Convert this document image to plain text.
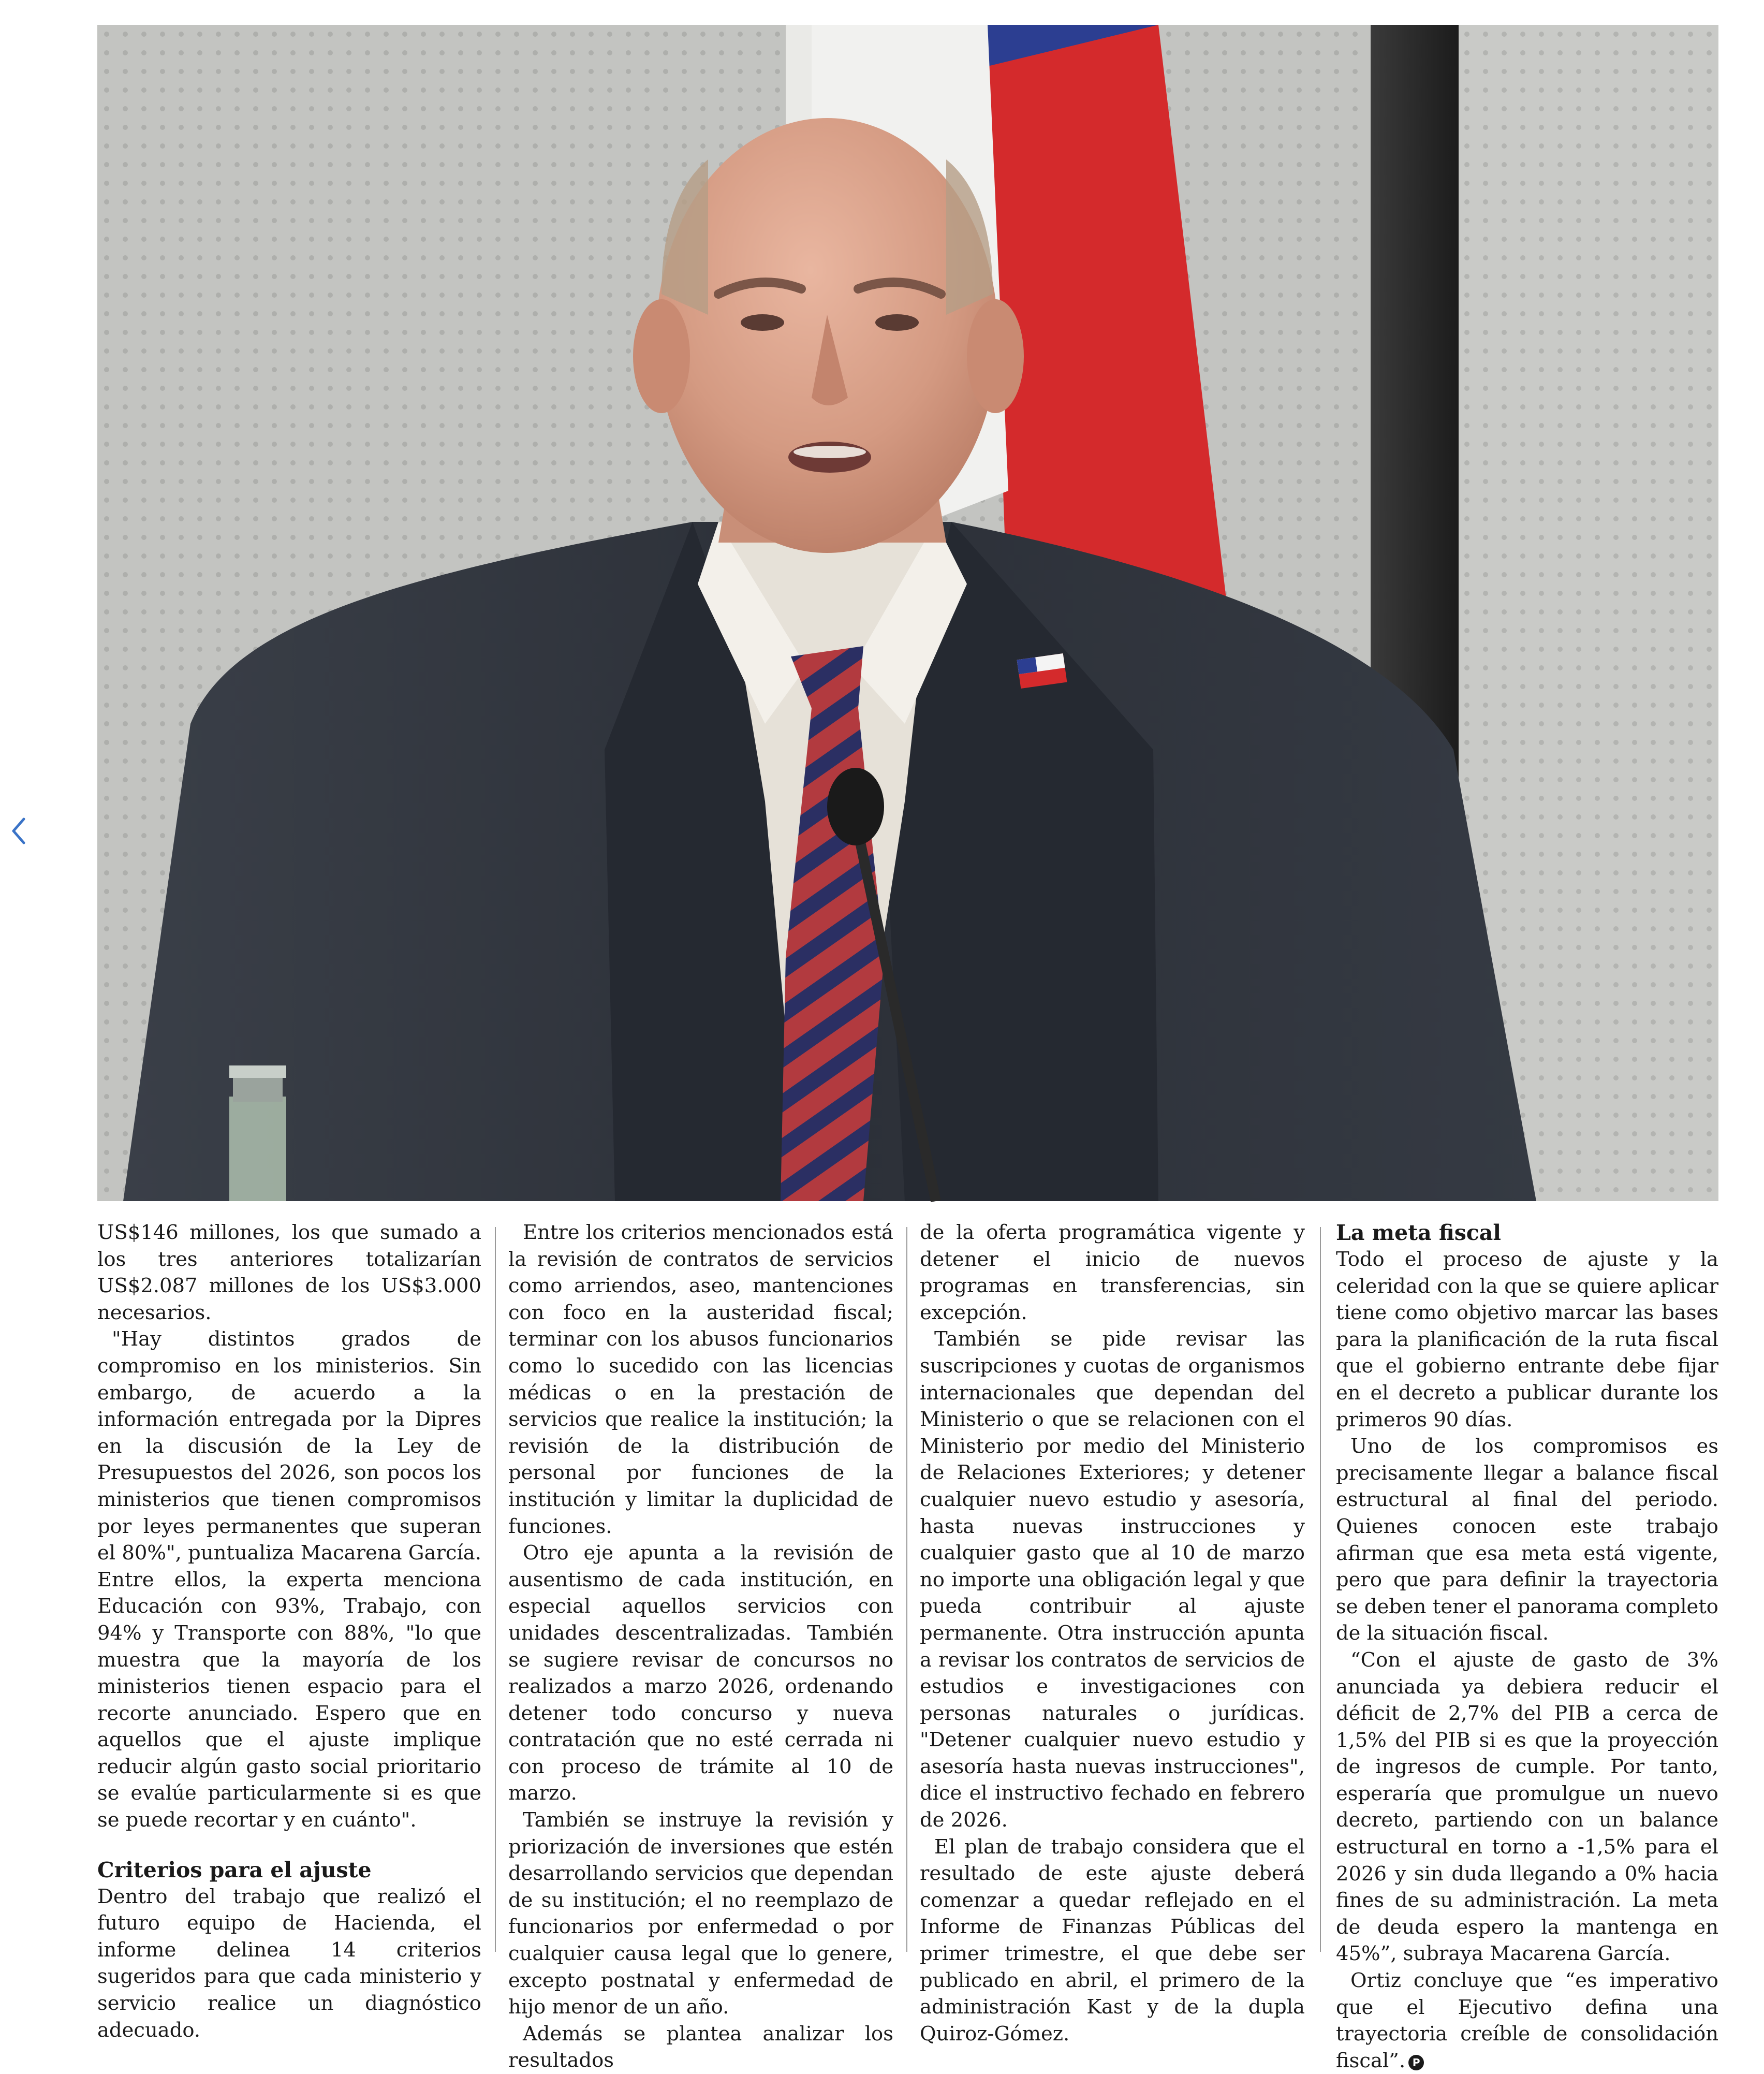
US$146 millones, los que sumado a los tres anteriores totalizarían US$2.087 millones de los US$3.000 necesarios.

"Hay distintos grados de compromiso en los ministerios. Sin embargo, de acuerdo a la información entregada por la Dipres en la discusión de la Ley de Presupuestos del 2026, son pocos los ministerios que tienen compromisos por leyes permanentes que superan el 80%", puntualiza Macarena García. Entre ellos, la experta menciona Educación con 93%, Trabajo, con 94% y Transporte con 88%, "lo que muestra que la mayoría de los ministerios tienen espacio para el recorte anunciado. Espero que en aquellos que el ajuste implique reducir algún gasto social prioritario se evalúe particularmente si es que se puede recortar y en cuánto".

Criterios para el ajuste

Dentro del trabajo que realizó el futuro equipo de Hacienda, el informe delinea 14 criterios sugeridos para que cada ministerio y servicio realice un diagnóstico adecuado.

Entre los criterios mencionados está la revisión de contratos de servicios como arriendos, aseo, mantenciones con foco en la austeridad fiscal; terminar con los abusos funcionarios como lo sucedido con las licencias médicas o en la prestación de servicios que realice la institución; la revisión de la distribución de personal por funciones de la institución y limitar la duplicidad de funciones.

Otro eje apunta a la revisión de ausentismo de cada institución, en especial aquellos servicios con unidades descentralizadas. También se sugiere revisar de concursos no realizados a marzo 2026, ordenando detener todo concurso y nueva contratación que no esté cerrada ni con proceso de trámite al 10 de marzo.

También se instruye la revisión y priorización de inversiones que estén desarrollando servicios que dependan de su institución; el no reemplazo de funcionarios por enfermedad o por cualquier causa legal que lo genere, excepto postnatal y enfermedad de hijo menor de un año.

Además se plantea analizar los resultados

de la oferta programática vigente y detener el inicio de nuevos programas en transferencias, sin excepción.

También se pide revisar las suscripciones y cuotas de organismos internacionales que dependan del Ministerio o que se relacionen con el Ministerio por medio del Ministerio de Relaciones Exteriores; y detener cualquier nuevo estudio y asesoría, hasta nuevas instrucciones y cualquier gasto que al 10 de marzo no importe una obligación legal y que pueda contribuir al ajuste permanente. Otra instrucción apunta a revisar los contratos de servicios de estudios e investigaciones con personas naturales o jurídicas. "Detener cualquier nuevo estudio y asesoría hasta nuevas instrucciones", dice el instructivo fechado en febrero de 2026.

El plan de trabajo considera que el resultado de este ajuste deberá comenzar a quedar reflejado en el Informe de Finanzas Públicas del primer trimestre, el que debe ser publicado en abril, el primero de la administración Kast y de la dupla Quiroz-Gómez.

La meta fiscal

Todo el proceso de ajuste y la celeridad con la que se quiere aplicar tiene como objetivo marcar las bases para la planificación de la ruta fiscal que el gobierno entrante debe fijar en el decreto a publicar durante los primeros 90 días.

Uno de los compromisos es precisamente llegar a balance fiscal estructural al final del periodo. Quienes conocen este trabajo afirman que esa meta está vigente, pero que para definir la trayectoria se deben tener el panorama completo de la situación fiscal.

“Con el ajuste de gasto de 3% anunciada ya debiera reducir el déficit de 2,7% del PIB a cerca de 1,5% del PIB si es que la proyección de ingresos de cumple. Por tanto, esperaría que promulgue un nuevo decreto, partiendo con un balance estructural en torno a -1,5% para el 2026 y sin duda llegando a 0% hacia fines de su administración. La meta de deuda espero la mantenga en 45%”, subraya Macarena García.

Ortiz concluye que “es imperativo que el Ejecutivo defina una trayectoria creíble de consolidación fiscal”. P
